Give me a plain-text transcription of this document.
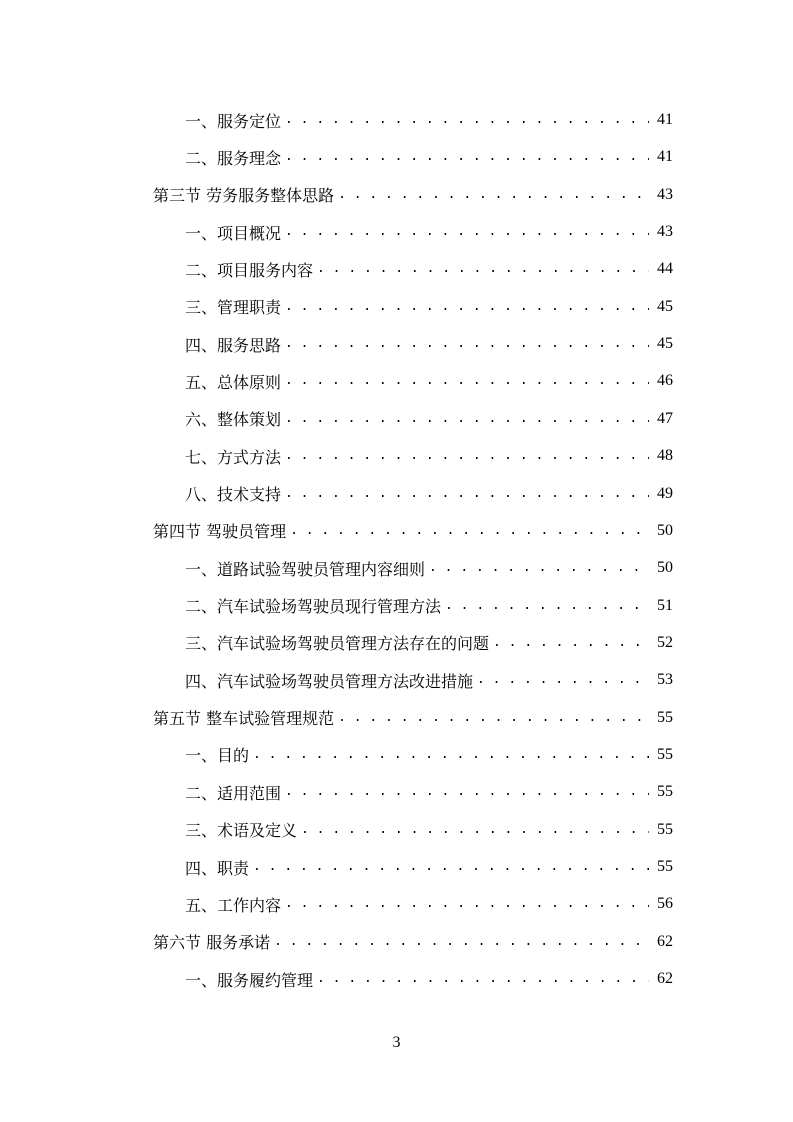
一、服务定位 . . .	41
二、服务理念 . . .	41
第三节 劳务服务整体思路 . . .	43
一、项目概况 . . .	43
二、项目服务内容 . . .	44
三、管理职责 . . .	45
四、服务思路 . . .	45
五、总体原则 . . .	46
六、整体策划 . . .	47
七、方式方法 . . .	48
八、技术支持 . . .	49
第四节 驾驶员管理 . . .	50
一、道路试验驾驶员管理内容细则 . . .	50
二、汽车试验场驾驶员现行管理方法 . . .	51
三、汽车试验场驾驶员管理方法存在的问题 . . .	52
四、汽车试验场驾驶员管理方法改进措施 . . .	53
第五节 整车试验管理规范 . . .	55
一、目的 . . .	55
二、适用范围 . . .	55
三、术语及定义 . . .	55
四、职责 . . .	55
五、工作内容 . . .	56
第六节 服务承诺 . . .	62
一、服务履约管理 . . .	62
3
